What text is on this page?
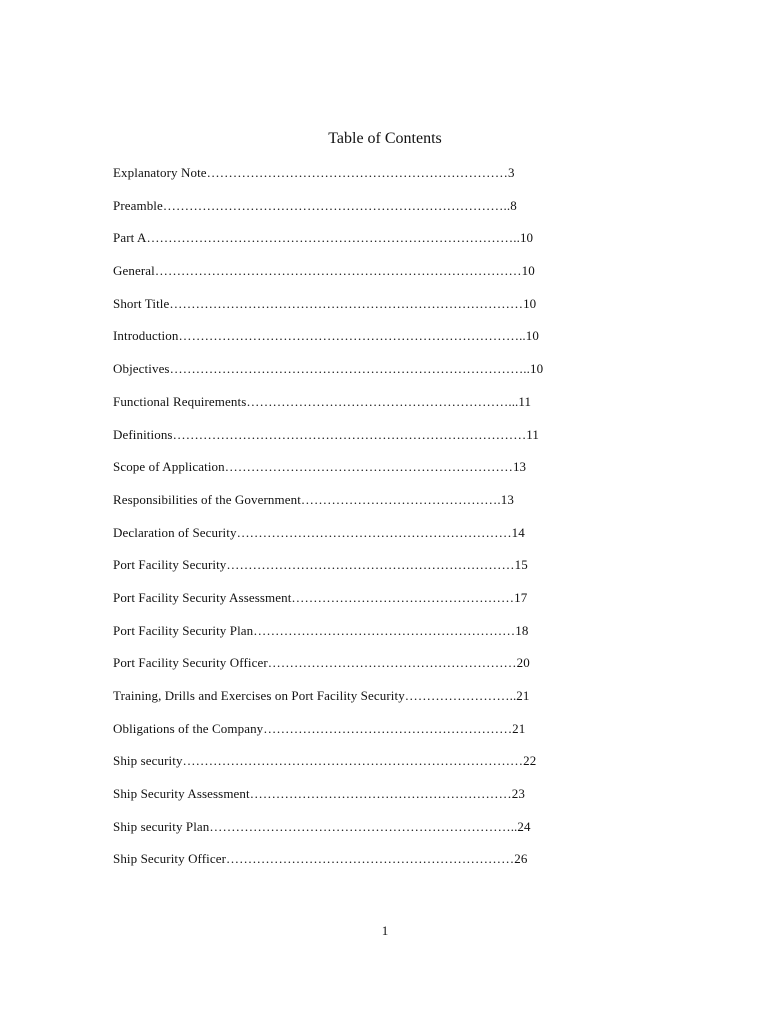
Table of Contents
Explanatory Note……………………………………………………………3
Preamble……………………………………………………………………..8
Part A…………………………………………………………………………..10
General…………………………………………………………………………10
Short Title………………………………………………………………………10
Introduction……………………………………………………………………..10
Objectives………………………………………………………………………..10
Functional Requirements……………………………………………………...11
Definitions………………………………………………………………………11
Scope of Application…………………………………………………………13
Responsibilities of the Government……………………………………….13
Declaration of Security………………………………………………………14
Port Facility Security…………………………………………………………15
Port Facility Security Assessment……………………………………………17
Port Facility Security Plan……………………………………………………18
Port Facility Security Officer…………………………………………………20
Training, Drills and Exercises on Port Facility Security……………………..21
Obligations of the Company…………………………………………………21
Ship security……………………………………………………………………22
Ship Security Assessment……………………………………………………23
Ship security Plan……………………………………………………………..24
Ship Security Officer…………………………………………………………26
1
